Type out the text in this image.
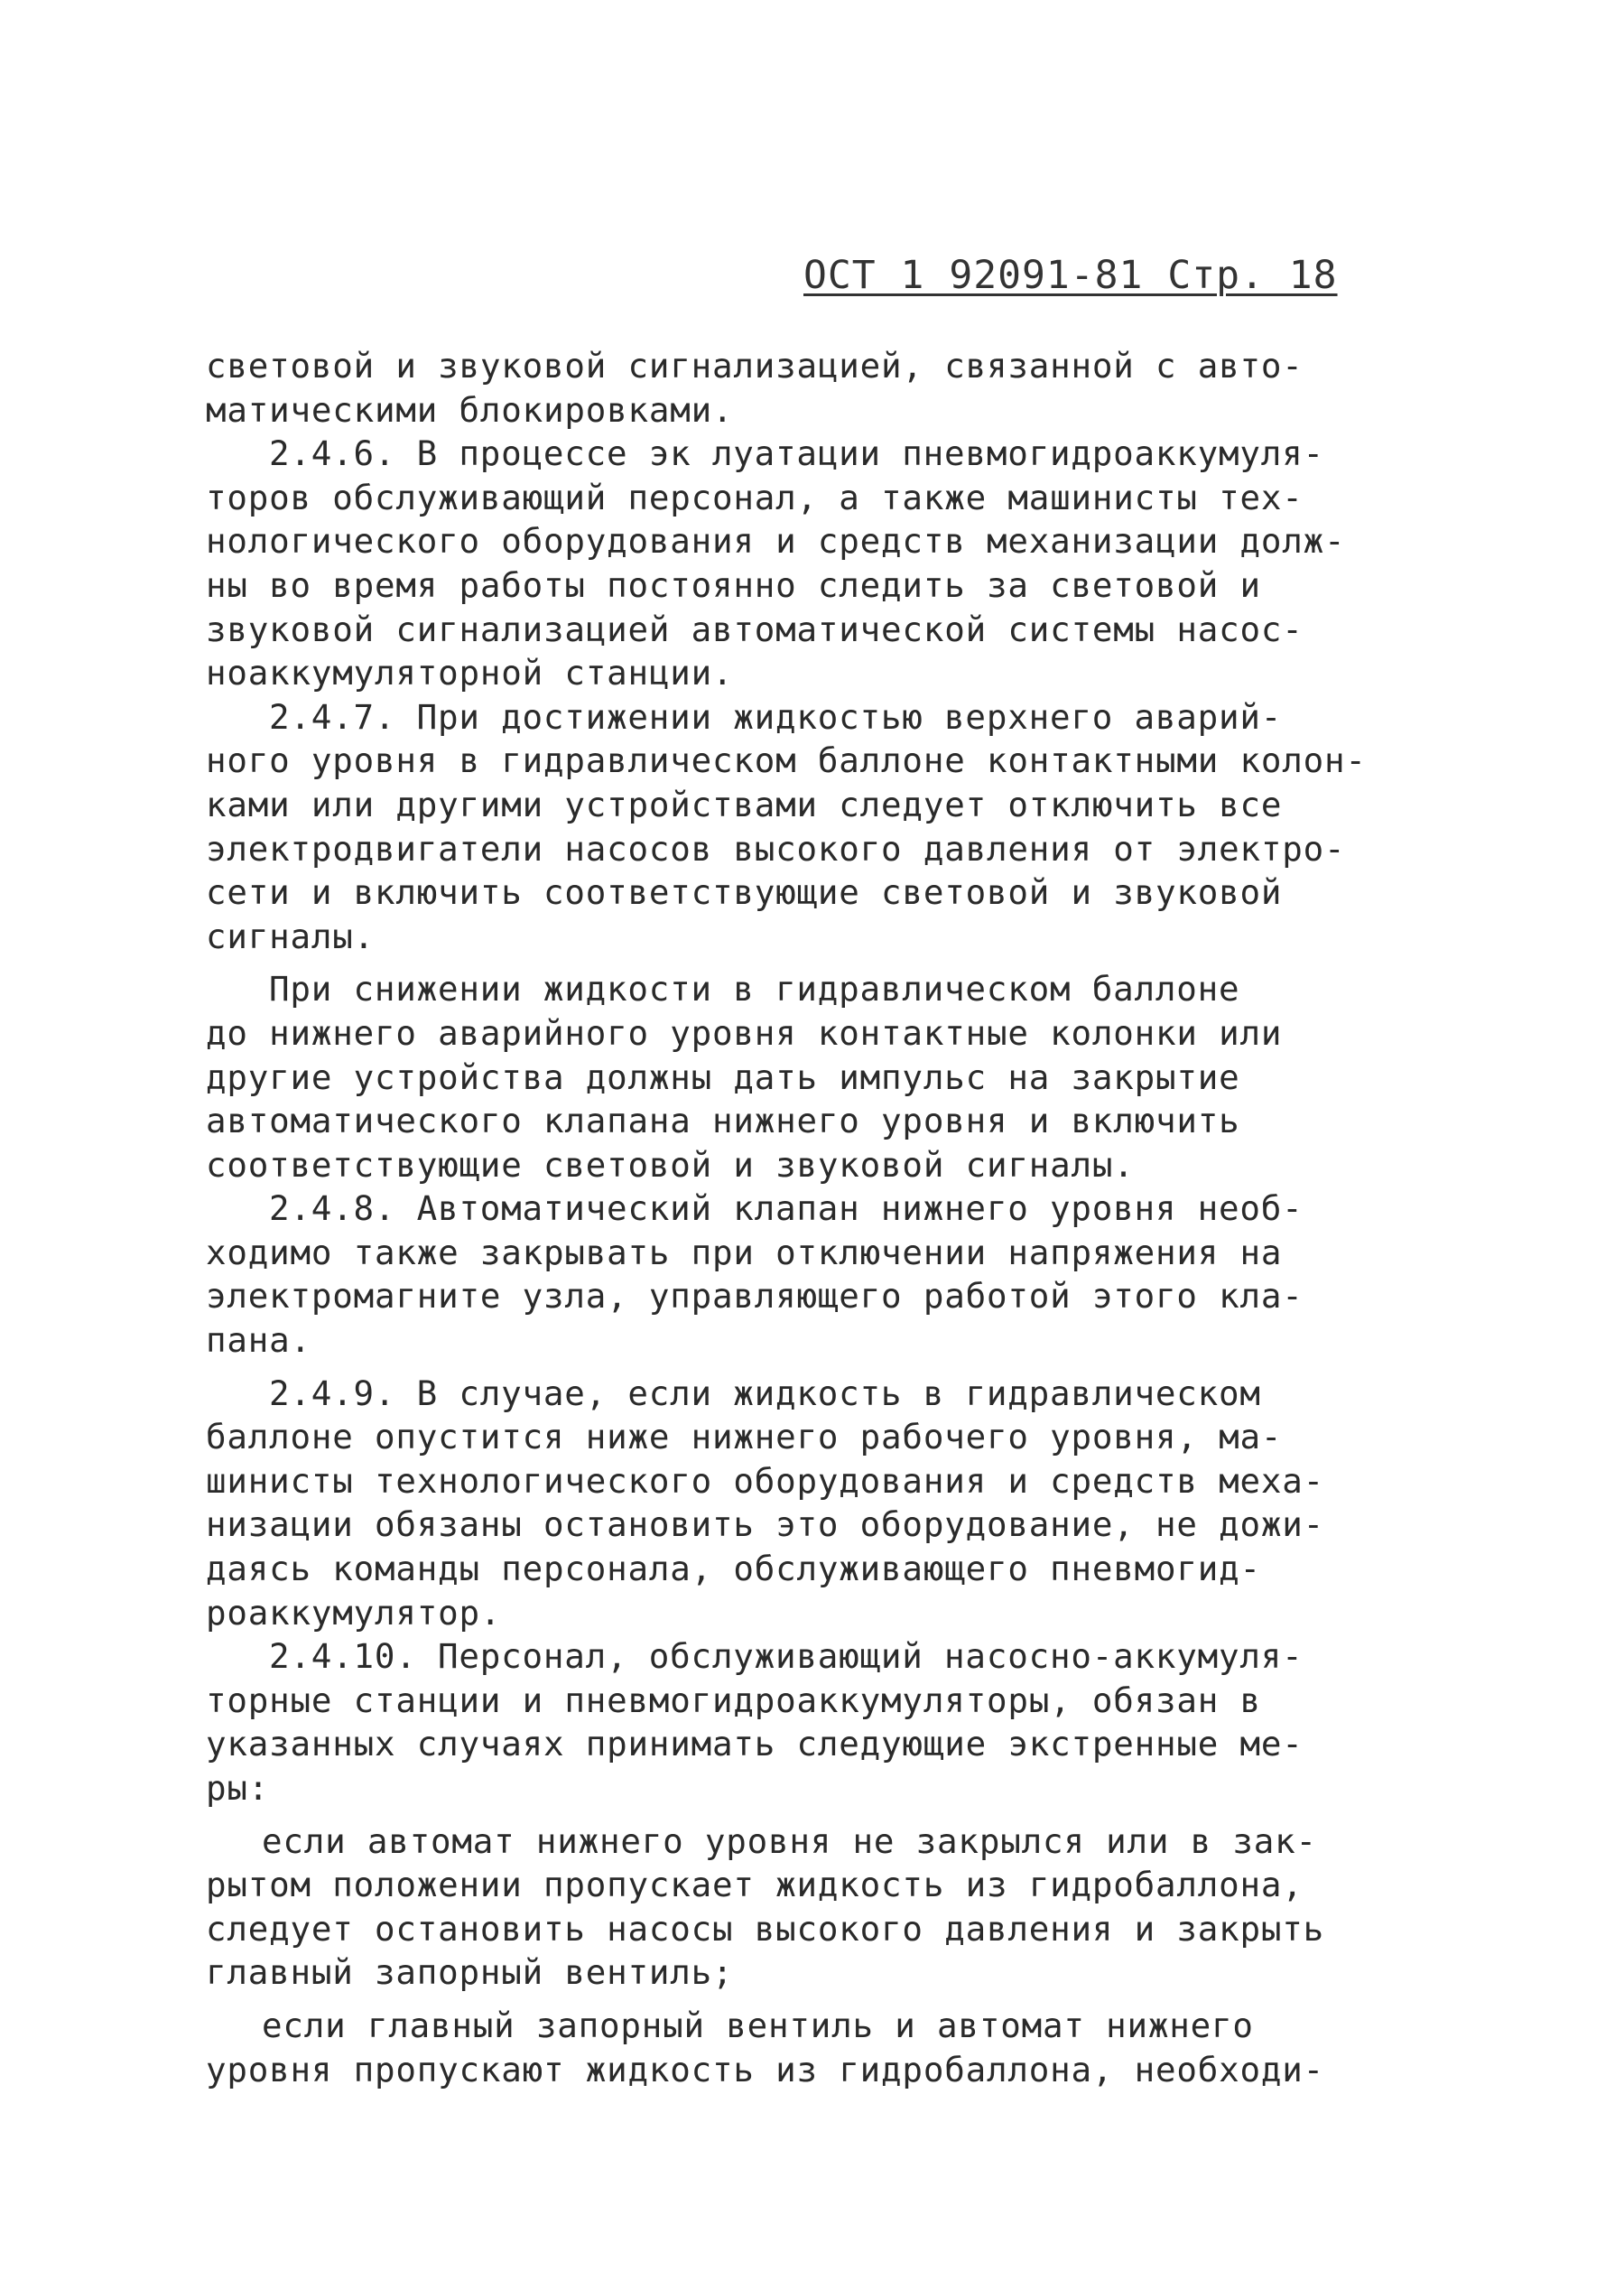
ОСТ 1 92091-81 Стр. 18
световой и звуковой сигнализацией, связанной с авто-
матическими блокировками.
2.4.6. В процессе эк луатации пневмогидроаккумуля-
торов обслуживающий персонал, а также машинисты тех-
нологического оборудования и средств механизации долж-
ны во время работы постоянно следить за световой и
звуковой сигнализацией автоматической системы насос-
ноаккумуляторной станции.
2.4.7. При достижении жидкостью верхнего аварий-
ного уровня в гидравлическом баллоне контактными колон-
ками или другими устройствами следует отключить все
электродвигатели насосов высокого давления от электро-
сети и включить соответствующие световой и звуковой
сигналы.
При снижении жидкости в гидравлическом баллоне
до нижнего аварийного уровня контактные колонки или
другие устройства должны дать импульс на закрытие
автоматического клапана нижнего уровня и включить
соответствующие световой и звуковой сигналы.
2.4.8. Автоматический клапан нижнего уровня необ-
ходимо также закрывать при отключении напряжения на
электромагните узла, управляющего работой этого кла-
пана.
2.4.9. В случае, если жидкость в гидравлическом
баллоне опустится ниже нижнего рабочего уровня, ма-
шинисты технологического оборудования и средств меха-
низации обязаны остановить это оборудование, не дожи-
даясь команды персонала, обслуживающего пневмогид-
роаккумулятор.
2.4.10. Персонал, обслуживающий насосно-аккумуля-
торные станции и пневмогидроаккумуляторы, обязан в
указанных случаях принимать следующие экстренные ме-
ры:
если автомат нижнего уровня не закрылся или в зак-
рытом положении пропускает жидкость из гидробаллона,
следует остановить насосы высокого давления и закрыть
главный запорный вентиль;
если главный запорный вентиль и автомат нижнего
уровня пропускают жидкость из гидробаллона, необходи-
